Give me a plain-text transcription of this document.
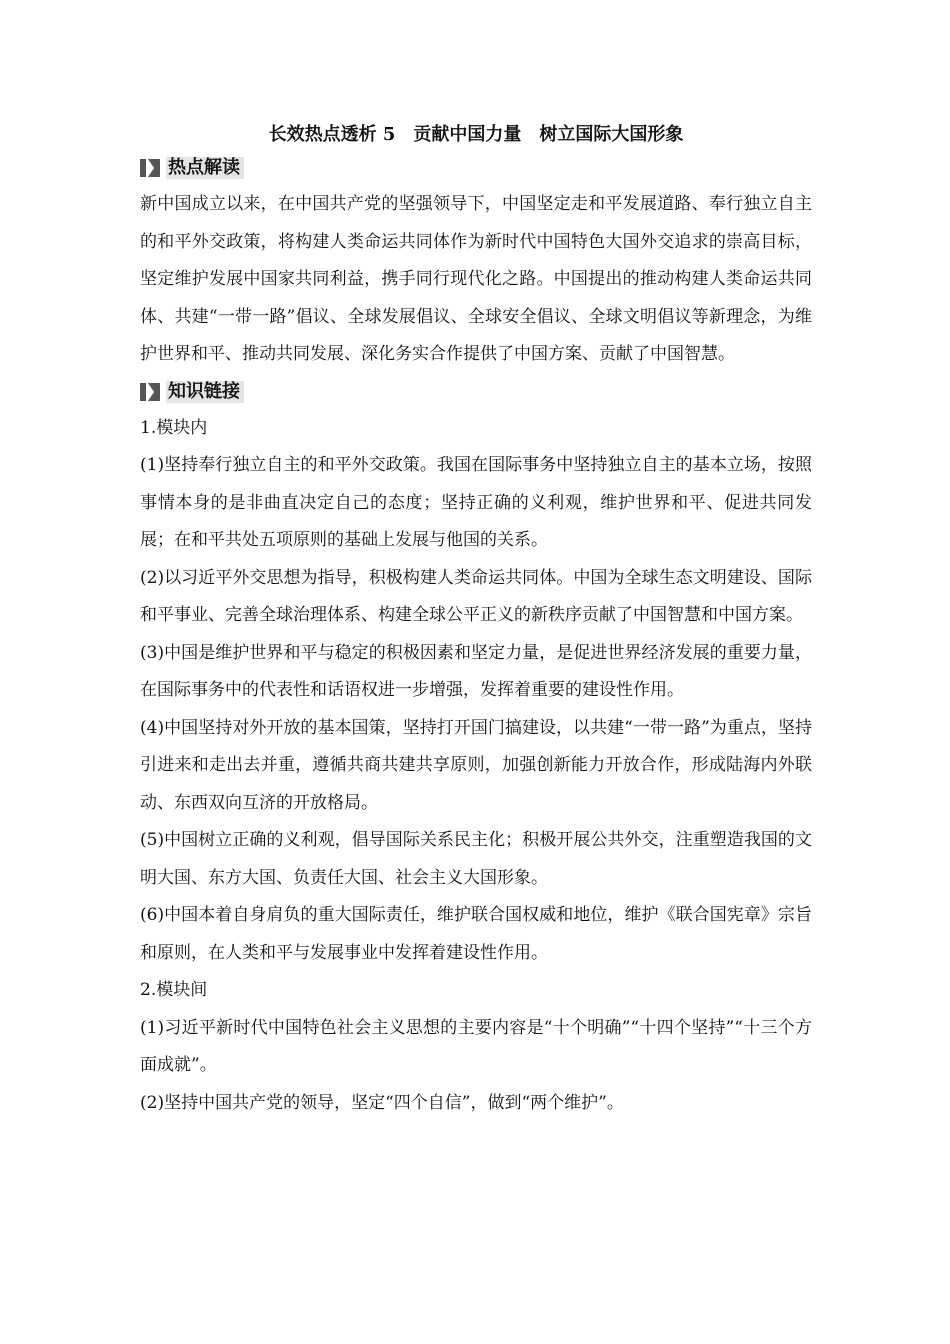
长效热点透析 5　贡献中国力量　树立国际大国形象
热点解读

新中国成立以来，在中国共产党的坚强领导下，中国坚定走和平发展道路、奉行独立自主的和平外交政策，将构建人类命运共同体作为新时代中国特色大国外交追求的崇高目标，坚定维护发展中国家共同利益，携手同行现代化之路。中国提出的推动构建人类命运共同体、共建“一带一路”倡议、全球发展倡议、全球安全倡议、全球文明倡议等新理念，为维护世界和平、推动共同发展、深化务实合作提供了中国方案、贡献了中国智慧。

知识链接

1.模块内

(1)坚持奉行独立自主的和平外交政策。我国在国际事务中坚持独立自主的基本立场，按照事情本身的是非曲直决定自己的态度；坚持正确的义利观，维护世界和平、促进共同发展；在和平共处五项原则的基础上发展与他国的关系。

(2)以习近平外交思想为指导，积极构建人类命运共同体。中国为全球生态文明建设、国际和平事业、完善全球治理体系、构建全球公平正义的新秩序贡献了中国智慧和中国方案。

(3)中国是维护世界和平与稳定的积极因素和坚定力量，是促进世界经济发展的重要力量，在国际事务中的代表性和话语权进一步增强，发挥着重要的建设性作用。

(4)中国坚持对外开放的基本国策，坚持打开国门搞建设，以共建“一带一路”为重点，坚持引进来和走出去并重，遵循共商共建共享原则，加强创新能力开放合作，形成陆海内外联动、东西双向互济的开放格局。

(5)中国树立正确的义利观，倡导国际关系民主化；积极开展公共外交，注重塑造我国的文明大国、东方大国、负责任大国、社会主义大国形象。

(6)中国本着自身肩负的重大国际责任，维护联合国权威和地位，维护《联合国宪章》宗旨和原则，在人类和平与发展事业中发挥着建设性作用。

2.模块间

(1)习近平新时代中国特色社会主义思想的主要内容是“十个明确”“十四个坚持”“十三个方面成就”。

(2)坚持中国共产党的领导，坚定“四个自信”，做到“两个维护”。
